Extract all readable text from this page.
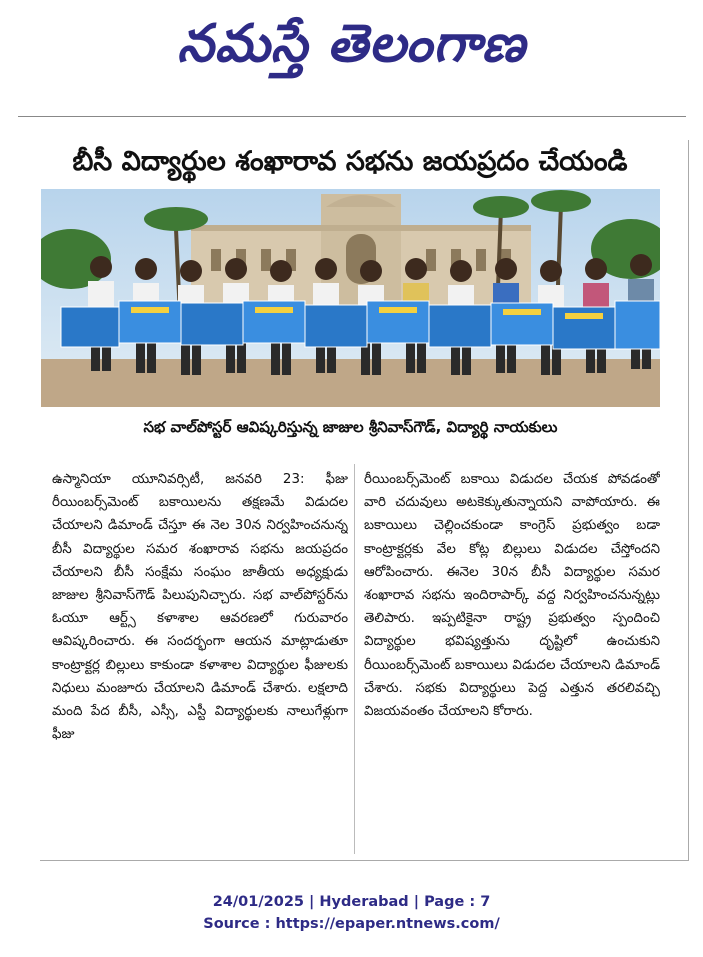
నమస్తే తెలంగాణ
బీసీ విద్యార్థుల శంఖారావ సభను జయప్రదం చేయండి
సభ వాల్‌పోస్టర్ ఆవిష్కరిస్తున్న జాజుల శ్రీనివాస్‌గౌడ్, విద్యార్థి నాయకులు
ఉస్మానియా యూనివర్సిటీ, జనవరి 23: ఫీజు రీయింబర్స్‌మెంట్ బకాయిలను తక్షణమే విడుదల చేయాలని డిమాండ్ చేస్తూ ఈ నెల 30న నిర్వహించనున్న బీసీ విద్యార్థుల సమర శంఖారావ సభను జయప్రదం చేయాలని బీసీ సంక్షేమ సంఘం జాతీయ అధ్యక్షుడు జాజుల శ్రీనివాస్‌గౌడ్ పిలుపునిచ్చారు. సభ వాల్‌పోస్టర్‌ను ఓయూ ఆర్ట్స్ కళాశాల ఆవరణలో గురువారం ఆవిష్కరించారు. ఈ సందర్భంగా ఆయన మాట్లాడుతూ కాంట్రాక్టర్ల బిల్లులు కాకుండా కళాశాల విద్యార్థుల ఫీజులకు నిధులు మంజూరు చేయాలని డిమాండ్ చేశారు. లక్షలాది మంది పేద బీసీ, ఎస్సీ, ఎస్టీ విద్యార్థులకు నాలుగేళ్లుగా ఫీజు
రీయింబర్స్‌మెంట్ బకాయి విడుదల చేయక పోవడంతో వారి చదువులు అటకెక్కుతున్నాయని వాపోయారు. ఈ బకాయిలు చెల్లించకుండా కాంగ్రెస్ ప్రభుత్వం బడా కాంట్రాక్టర్లకు వేల కోట్ల బిల్లులు విడుదల చేస్తోందని ఆరోపించారు. ఈనెల 30న బీసీ విద్యార్థుల సమర శంఖారావ సభను ఇందిరాపార్క్ వద్ద నిర్వహించనున్నట్లు తెలిపారు. ఇప్పటికైనా రాష్ట్ర ప్రభుత్వం స్పందించి విద్యార్థుల భవిష్యత్తును దృష్టిలో ఉంచుకుని రీయింబర్స్‌మెంట్ బకాయిలు విడుదల చేయాలని డిమాండ్ చేశారు. సభకు విద్యార్థులు పెద్ద ఎత్తున తరలివచ్చి విజయవంతం చేయాలని కోరారు.
24/01/2025 | Hyderabad | Page : 7
Source : https://epaper.ntnews.com/
